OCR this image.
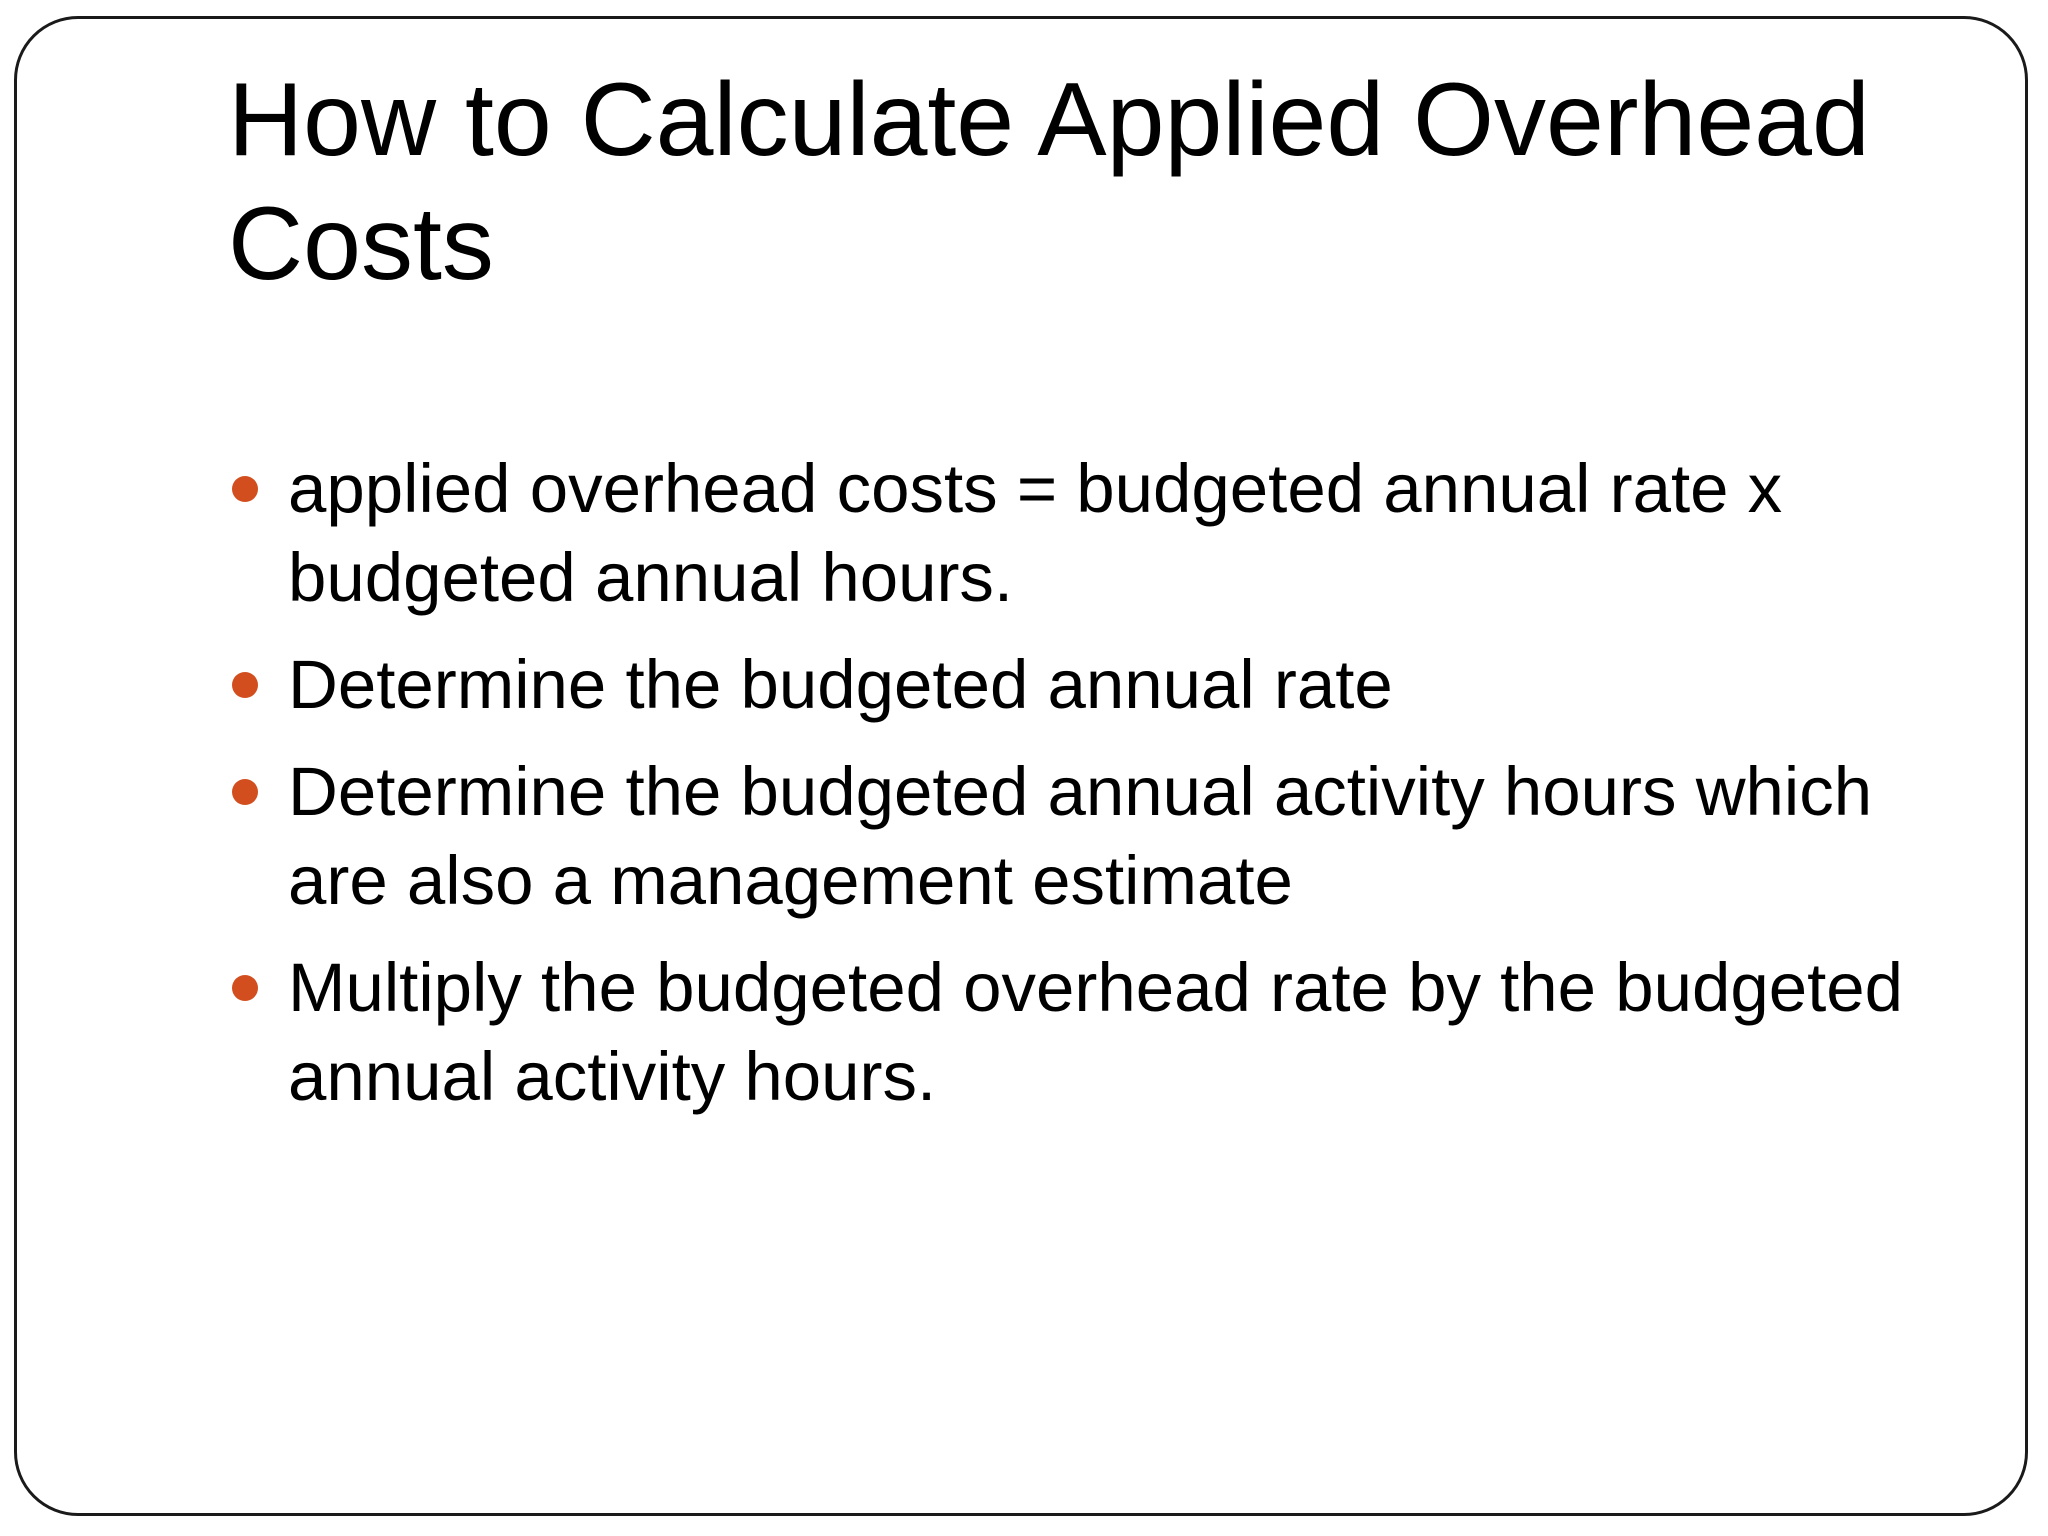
How to Calculate Applied Overhead Costs
applied overhead costs = budgeted annual rate x budgeted annual hours.
Determine the budgeted annual rate
Determine the budgeted annual activity hours which are also a management estimate
Multiply the budgeted overhead rate by the budgeted annual activity hours.
